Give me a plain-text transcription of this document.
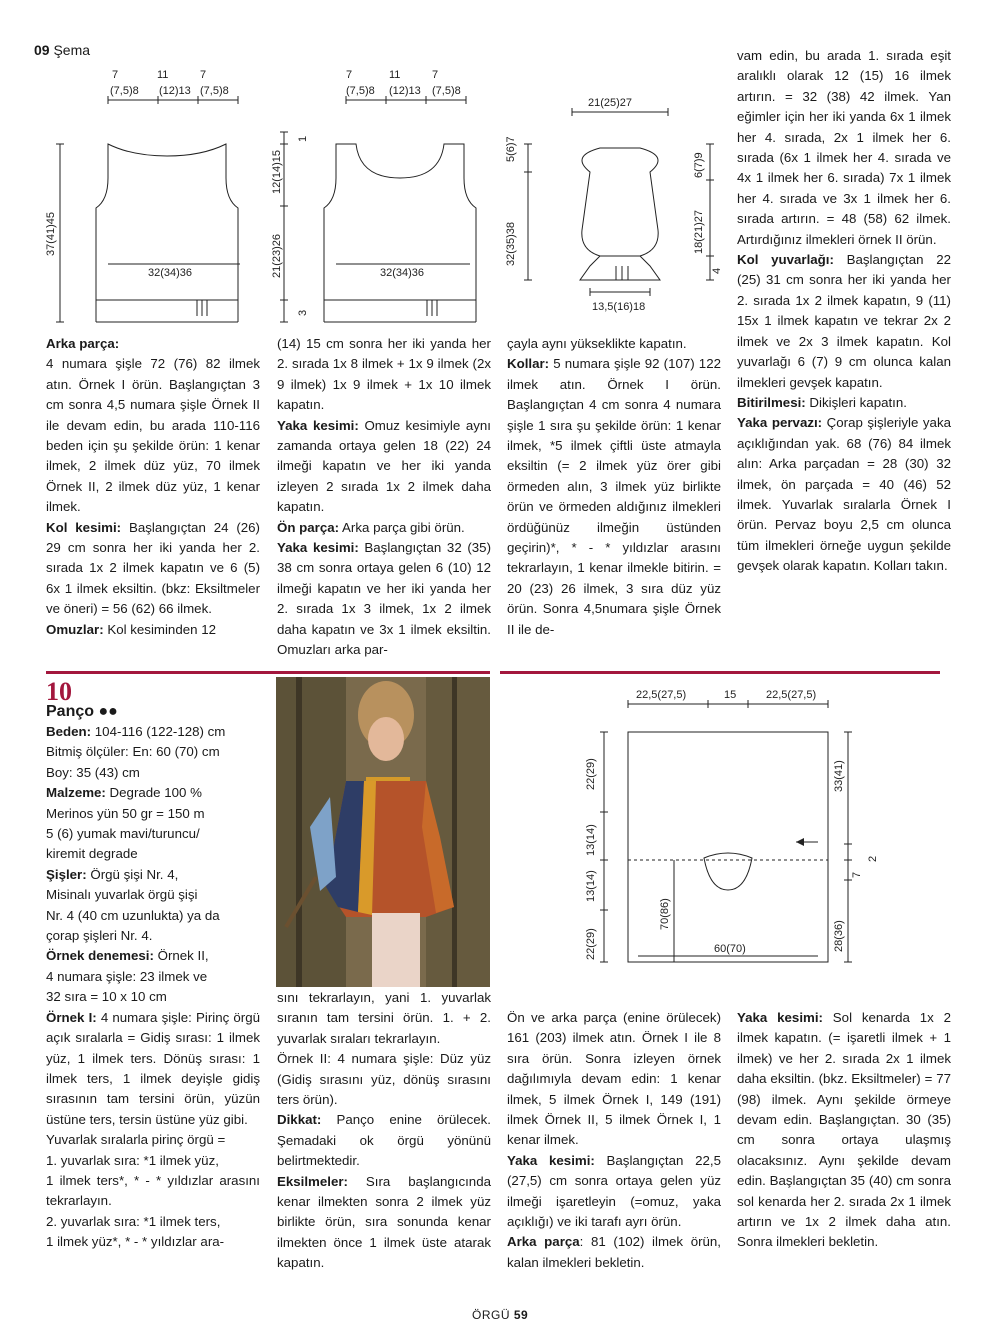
09 Şema
7	11	7
(7,5)8 (12)13 (7,5)8
32(34)36
37(41)45
7	11	7
(7,5)8 (12)13 (7,5)8
32(34)36
1
12(14)15
21(23)26
3
21(25)27
13,5(16)18
5(6)7
32(35)38
6(7)9
18(21)27
4

Arka parça:

4 numara şişle 72 (76) 82 ilmek atın. Örnek I örün. Başlangıçtan 3 cm sonra 4,5 numara şişle Örnek II ile devam edin, bu arada 110-116 beden için şu şekilde örün: 1 kenar ilmek, 2 ilmek düz yüz, 70 ilmek Örnek II, 2 ilmek düz yüz, 1 kenar ilmek.

Kol kesimi: Başlangıçtan 24 (26) 29 cm sonra her iki yanda her 2. sırada 1x 2 ilmek kapatın ve 6 (5) 6x 1 ilmek eksiltin. (bkz: Eksiltmeler ve öneri) = 56 (62) 66 ilmek.

Omuzlar: Kol kesiminden 12

(14) 15 cm sonra her iki yanda her 2. sırada 1x 8 ilmek + 1x 9 ilmek (2x 9 ilmek) 1x 9 ilmek + 1x 10 ilmek kapatın.

Yaka kesimi: Omuz kesimiyle aynı zamanda ortaya gelen 18 (22) 24 ilmeği kapatın ve her iki yanda izleyen 2 sırada 1x 2 ilmek daha kapatın.

Ön parça: Arka parça gibi örün.

Yaka kesimi: Başlangıçtan 32 (35) 38 cm sonra ortaya gelen 6 (10) 12 ilmeği kapatın ve her iki yanda her 2. sırada 1x 3 ilmek, 1x 2 ilmek daha kapatın ve 3x 1 ilmek eksiltin. Omuzları arka par-

çayla aynı yükseklikte kapatın.

Kollar: 5 numara şişle 92 (107) 122 ilmek atın. Örnek I örün. Başlangıçtan 4 cm sonra 4 numara şişle 1 sıra şu şekilde örün: 1 kenar ilmek, *5 ilmek çiftli üste atmayla eksiltin (= 2 ilmek yüz örer gibi örmeden alın, 3 ilmek yüz birlikte örün ve örmeden aldığınız ilmekleri ördüğünüz ilmeğin üstünden geçirin)*, * - * yıldızlar arasını tekrarlayın, 1 kenar ilmekle bitirin. = 20 (23) 26 ilmek, 3 sıra düz yüz örün. Sonra 4,5numara şişle Örnek II ile de-

vam edin, bu arada 1. sırada eşit aralıklı olarak 12 (15) 16 ilmek artırın. = 32 (38) 42 ilmek. Yan eğimler için her iki yanda 6x 1 ilmek her 4. sırada, 2x 1 ilmek her 6. sırada (6x 1 ilmek her 4. sırada ve 4x 1 ilmek her 6. sırada) 7x 1 ilmek her 4. sırada ve 3x 1 ilmek her 6. sırada artırın. = 48 (58) 62 ilmek. Artırdığınız ilmekleri örnek II örün.

Kol yuvarlağı: Başlangıçtan 22 (25) 31 cm sonra her iki yanda her 2. sırada 1x 2 ilmek kapatın, 9 (11) 15x 1 ilmek kapatın ve tekrar 2x 2 ilmek ve 2x 3 ilmek kapatın. Kol yuvarlağı 6 (7) 9 cm olunca kalan ilmekleri gevşek kapatın.

Bitirilmesi: Dikişleri kapatın.

Yaka pervazı: Çorap şişleriyle yaka açıklığından yak. 68 (76) 84 ilmek alın: Arka parçadan = 28 (30) 32 ilmek, ön parçada = 40 (46) 52 ilmek. Yuvarlak sıralarla Örnek I örün. Pervaz boyu 2,5 cm olunca tüm ilmekleri örneğe uygun şekilde gevşek olarak kapatın. Kolları takın.

10
Panço ●●
22,5(27,5)	15	22,5(27,5)
22(29)
13(14)
13(14)
22(29)
70(86)
60(70)
33(41)
2
7
28(36)

Beden: 104-116 (122-128) cm

Bitmiş ölçüler: En: 60 (70) cm

Boy: 35 (43) cm

Malzeme: Degrade 100 %

Merinos yün 50 gr = 150 m

5 (6) yumak mavi/turuncu/

kiremit degrade

Şişler: Örgü şişi Nr. 4,

Misinalı yuvarlak örgü şişi

Nr. 4 (40 cm uzunlukta) ya da

çorap şişleri Nr. 4.

Örnek denemesi: Örnek II,

4 numara şişle: 23 ilmek ve

32 sıra = 10 x 10 cm

Örnek I: 4 numara şişle: Pirinç örgü açık sıralarla = Gidiş sırası: 1 ilmek yüz, 1 ilmek ters. Dönüş sırası: 1 ilmek ters, 1 ilmek deyişle gidiş sırasının tam tersini örün, yüzün üstüne ters, tersin üstüne yüz gibi.

Yuvarlak sıralarla pirinç örgü =

1. yuvarlak sıra: *1 ilmek yüz,

1 ilmek ters*, * - * yıldızlar arasını tekrarlayın.

2. yuvarlak sıra: *1 ilmek ters,

1 ilmek yüz*, * - * yıldızlar ara-

sını tekrarlayın, yani 1. yuvarlak sıranın tam tersini örün. 1. + 2. yuvarlak sıraları tekrarlayın.

Örnek II: 4 numara şişle: Düz yüz (Gidiş sırasını yüz, dönüş sırasını ters örün).

Dikkat: Panço enine örülecek. Şemadaki ok örgü yönünü belirtmektedir.

Eksilmeler: Sıra başlangıcında kenar ilmekten sonra 2 ilmek yüz birlikte örün, sıra sonunda kenar ilmekten önce 1 ilmek üste atarak kapatın.

Ön ve arka parça (enine örülecek) 161 (203) ilmek atın. Örnek I ile 8 sıra örün. Sonra izleyen örnek dağılımıyla devam edin: 1 kenar ilmek, 5 ilmek Örnek I, 149 (191) ilmek Örnek II, 5 ilmek Örnek I, 1 kenar ilmek.

Yaka kesimi: Başlangıçtan 22,5 (27,5) cm sonra ortaya gelen yüz ilmeği işaretleyin (=omuz, yaka açıklığı) ve iki tarafı ayrı örün.

Arka parça: 81 (102) ilmek örün, kalan ilmekleri bekletin.

Yaka kesimi: Sol kenarda 1x 2 ilmek kapatın. (= işaretli ilmek + 1 ilmek) ve her 2. sırada 2x 1 ilmek daha eksiltin. (bkz. Eksiltmeler) = 77 (98) ilmek. Aynı şekilde örmeye devam edin. Başlangıçtan. 30 (35) cm sonra ortaya ulaşmış olacaksınız. Aynı şekilde devam edin. Başlangıçtan 35 (40) cm sonra sol kenarda her 2. sırada 2x 1 ilmek artırın ve 1x 2 ilmek daha atın. Sonra ilmekleri bekletin.

ÖRGÜ 59
